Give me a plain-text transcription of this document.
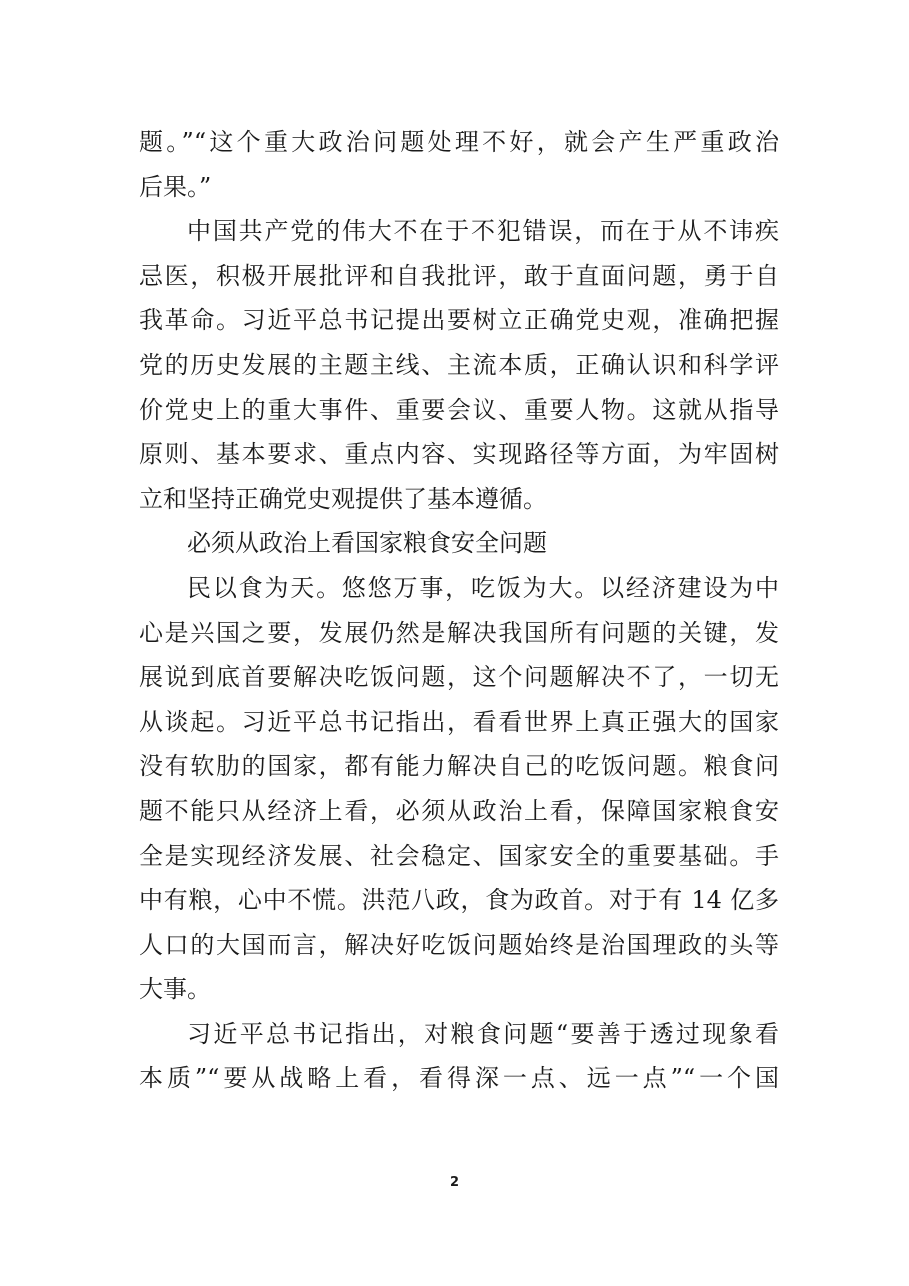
题。”“这个重大政治问题处理不好，就会产生严重政治
后果。”
中国共产党的伟大不在于不犯错误，而在于从不讳疾
忌医，积极开展批评和自我批评，敢于直面问题，勇于自
我革命。习近平总书记提出要树立正确党史观，准确把握
党的历史发展的主题主线、主流本质，正确认识和科学评
价党史上的重大事件、重要会议、重要人物。这就从指导
原则、基本要求、重点内容、实现路径等方面，为牢固树
立和坚持正确党史观提供了基本遵循。
必须从政治上看国家粮食安全问题
民以食为天。悠悠万事，吃饭为大。以经济建设为中
心是兴国之要，发展仍然是解决我国所有问题的关键，发
展说到底首要解决吃饭问题，这个问题解决不了，一切无
从谈起。习近平总书记指出，看看世界上真正强大的国家
没有软肋的国家，都有能力解决自己的吃饭问题。粮食问
题不能只从经济上看，必须从政治上看，保障国家粮食安
全是实现经济发展、社会稳定、国家安全的重要基础。手
中有粮，心中不慌。洪范八政，食为政首。对于有 14 亿多
人口的大国而言，解决好吃饭问题始终是治国理政的头等
大事。
习近平总书记指出，对粮食问题“要善于透过现象看
本质”“要从战略上看，看得深一点、远一点”“一个国
2
